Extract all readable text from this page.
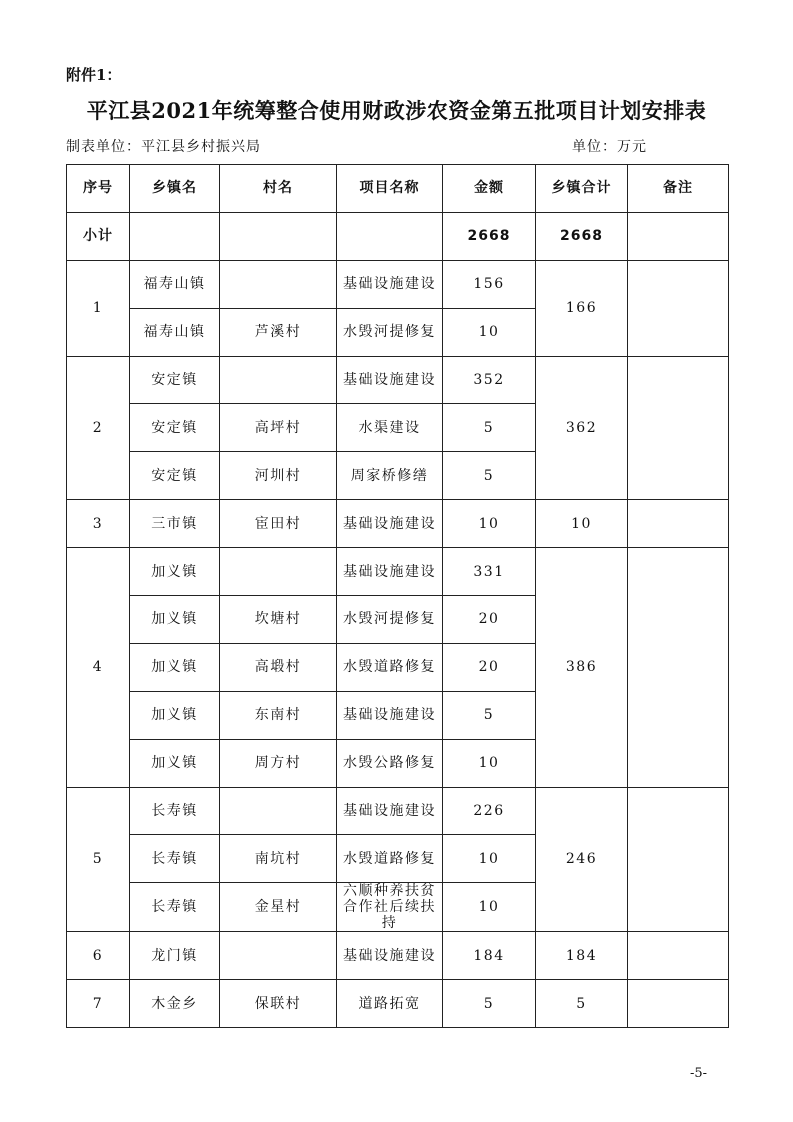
附件1：
平江县2021年统筹整合使用财政涉农资金第五批项目计划安排表
制表单位：平江县乡村振兴局	单位：万元
序号	乡镇名	村名	项目名称	金额	乡镇合计	备注
小计				2668	2668	
1	福寿山镇		基础设施建设	156	166	
	福寿山镇	芦溪村	水毁河提修复	10		
2	安定镇		基础设施建设	352	362	
	安定镇	高坪村	水渠建设	5		
	安定镇	河圳村	周家桥修缮	5		
3	三市镇	宦田村	基础设施建设	10	10	
4	加义镇		基础设施建设	331	386	
	加义镇	坎塘村	水毁河提修复	20		
	加义镇	高塅村	水毁道路修复	20		
	加义镇	东南村	基础设施建设	5		
	加义镇	周方村	水毁公路修复	10		
5	长寿镇		基础设施建设	226	246	
	长寿镇	南坑村	水毁道路修复	10		
	长寿镇	金星村	六顺种养扶贫合作社后续扶持	10		
6	龙门镇		基础设施建设	184	184	
7	木金乡	保联村	道路拓宽	5	5	
-5-
